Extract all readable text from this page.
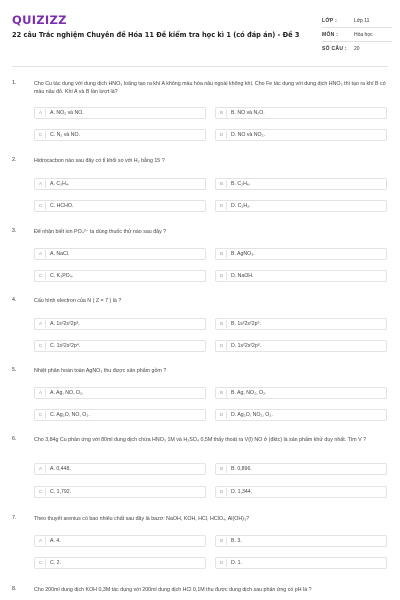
QUIZIZZ
22 câu Trắc nghiệm Chuyên đề Hóa 11 Đề kiểm tra học kì 1 (có đáp án) - Đề 3
LỚP :	Lớp 11
MÔN :	Hóa học
SỐ CÂU :	20
1.	Cho Cu tác dụng với dung dịch HNO₃ loãng tạo ra khí A không màu hóa nâu ngoài không khí. Cho Fe tác dụng với dung dịch HNO₃ thì tạo ra khí B có màu nâu đỏ. Khí A và B lần lượt là?
A	A. NO₂ và NO.	B	B. NO và N₂O.
C	C. N₂ và NO.	D	D. NO và NO₂.
2.	Hidrocacbon nào sau đây có tỉ khối so với H₂ bằng 15 ?
A	A. C₂H₄.	B	B. C₂H₆.
C	C. HCHO.	D	D. C₂H₂.
3.	Để nhận biết ion PO₄³⁻ ta dùng thuốc thử nào sau đây ?
A	A. NaCl.	B	B. AgNO₃.
C	C. K₃PO₄.	D	D. NaOH.
4.	Cấu hình electron của N ( Z = 7 ) là ?
A	A. 1s²2s²2p³.	B	B. 1s²2s²2p⁵.
C	C. 1s²2s²2p⁴.	D	D. 1s²2s²2p⁶.
5.	Nhiệt phân hoàn toàn AgNO₃ thu được sản phẩm gồm ?
A	A. Ag, NO, O₂.	B	B. Ag, NO₂, O₂.
C	C. Ag₂O, NO, O₂.	D	D. Ag₂O, NO₂, O₂.
6.	Cho 3,84g Cu phản ứng với 80ml dung dịch chứa HNO₃ 1M và H₂SO₄ 0,5M thấy thoát ra V(l) NO ở (đktc) là sản phẩm khử duy nhất. Tìm V ?
A	A. 0,448.	B	B. 0,896.
C	C. 1,792.	D	D. 1,344.
7.	Theo thuyết arenius có bao nhiêu chất sau đây là bazơ: NaOH, KOH, HCl, HClO₄, Al(OH)₃?
A	A. 4.	B	B. 3.
C	C. 2.	D	D. 1.
8.	Cho 200ml dung dịch KOH 0,3M tác dụng với 200ml dung dịch HCl 0,1M thu được dung dịch sau phản ứng có pH là ?
